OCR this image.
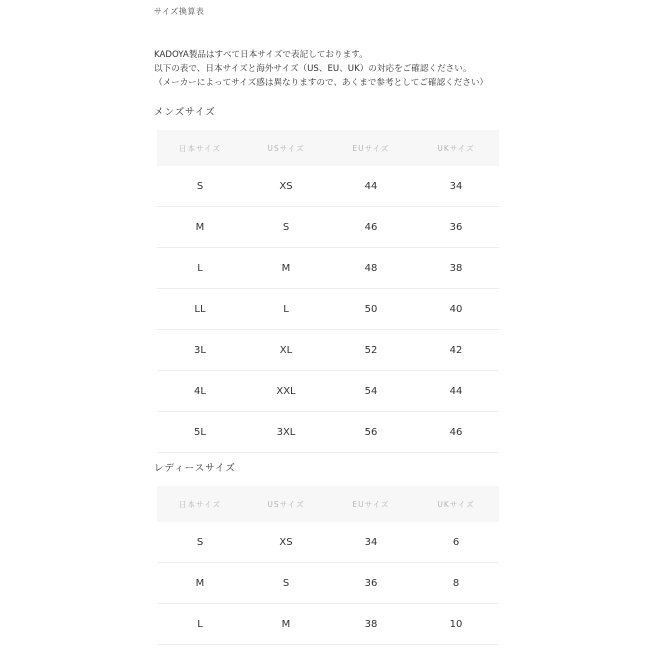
サイズ換算表
KADOYA製品はすべて日本サイズで表記しております。
以下の表で、日本サイズと海外サイズ（US、EU、UK）の対応をご確認ください。
（メーカーによってサイズ感は異なりますので、あくまで参考としてご確認ください）
メンズサイズ
日本サイズ	USサイズ	EUサイズ	UKサイズ
S	XS	44	34
M	S	46	36
L	M	48	38
LL	L	50	40
3L	XL	52	42
4L	XXL	54	44
5L	3XL	56	46
レディースサイズ
日本サイズ	USサイズ	EUサイズ	UKサイズ
S	XS	34	6
M	S	36	8
L	M	38	10
